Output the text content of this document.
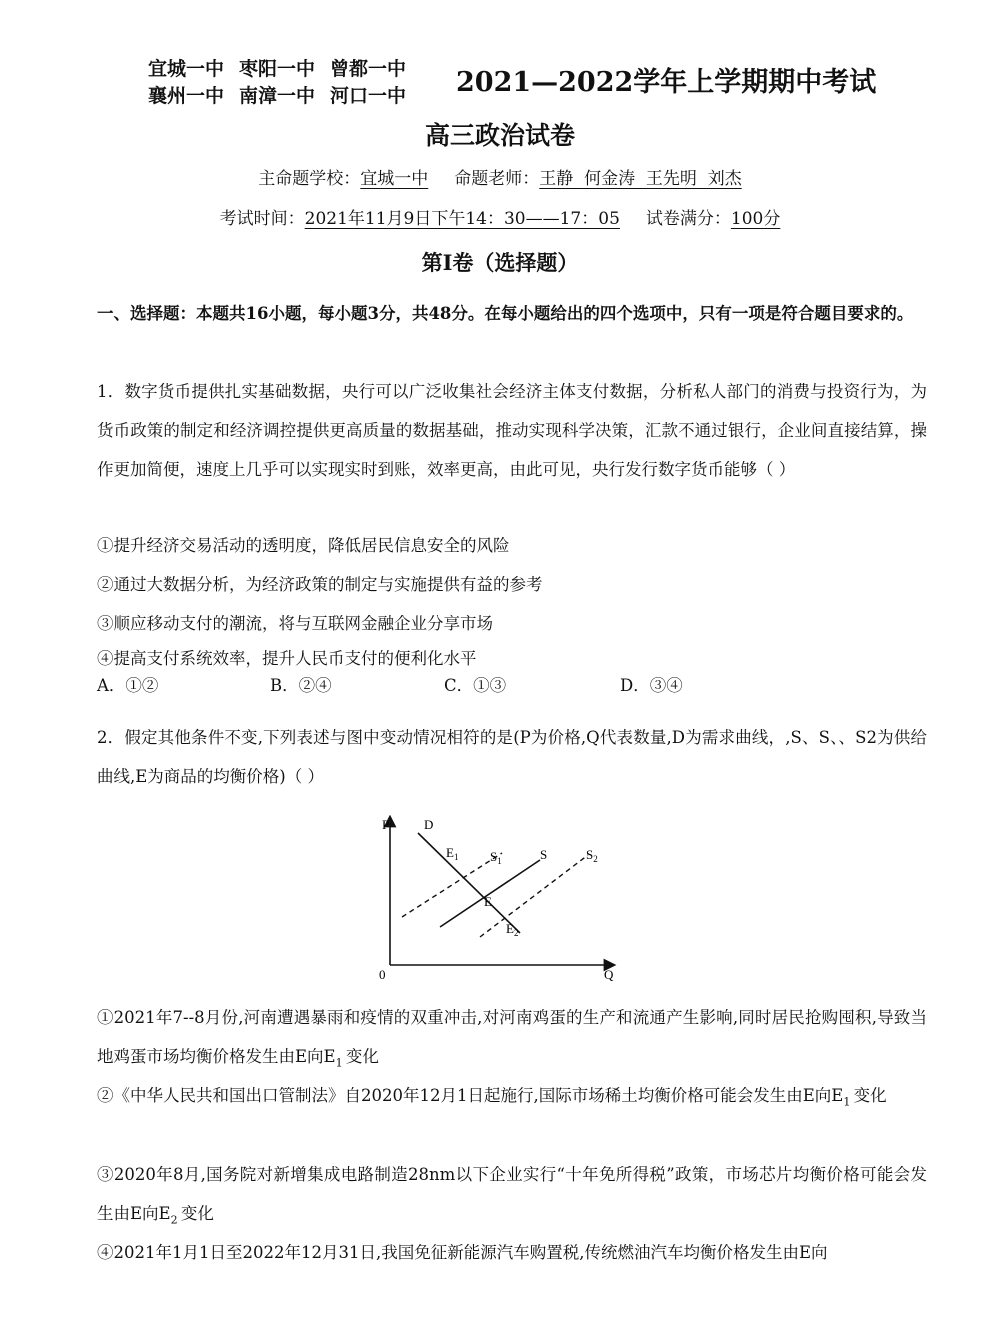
宜城一中 枣阳一中 曾都一中
襄州一中 南漳一中 河口一中	2021—2022学年上学期期中考试
高三政治试卷
主命题学校：宜城一中 命题老师：王静  何金涛  王先明  刘杰
考试时间：2021年11月9日下午14：30——17：05 试卷满分：100分
第Ⅰ卷（选择题）
一、选择题：本题共16小题，每小题3分，共48分。在每小题给出的四个选项中，只有一项是符合题目要求的。
1．数字货币提供扎实基础数据，央行可以广泛收集社会经济主体支付数据，分析私人部门的消费与投资行为，为货币政策的制定和经济调控提供更高质量的数据基础，推动实现科学决策，汇款不通过银行，企业间直接结算，操作更加简便，速度上几乎可以实现实时到账，效率更高，由此可见，央行发行数字货币能够（ ）
①提升经济交易活动的透明度，降低居民信息安全的风险
②通过大数据分析，为经济政策的制定与实施提供有益的参考
③顺应移动支付的潮流，将与互联网金融企业分享市场
④提高支付系统效率，提升人民币支付的便利化水平
A．①②	B．②④	C．①③	D．③④
2．假定其他条件不变,下列表述与图中变动情况相符的是(P为价格,Q代表数量,D为需求曲线，,S、S、、S2为供给曲线,E为商品的均衡价格)（ ）
P
Q
0
D
$E_1$ $S_1$	S	$S_2$
E
$E_2$
①2021年7--8月份,河南遭遇暴雨和疫情的双重冲击,对河南鸡蛋的生产和流通产生影响,同时居民抢购囤积,导致当地鸡蛋市场均衡价格发生由E向$E_1$  变化
②《中华人民共和国出口管制法》自2020年12月1日起施行,国际市场稀土均衡价格可能会发生由E向$E_1$  变化
③2020年8月,国务院对新增集成电路制造28nm以下企业实行“十年免所得税”政策，市场芯片均衡价格可能会发生由E向$E_2$  变化
④2021年1月1日至2022年12月31日,我国免征新能源汽车购置税,传统燃油汽车均衡价格发生由E向
